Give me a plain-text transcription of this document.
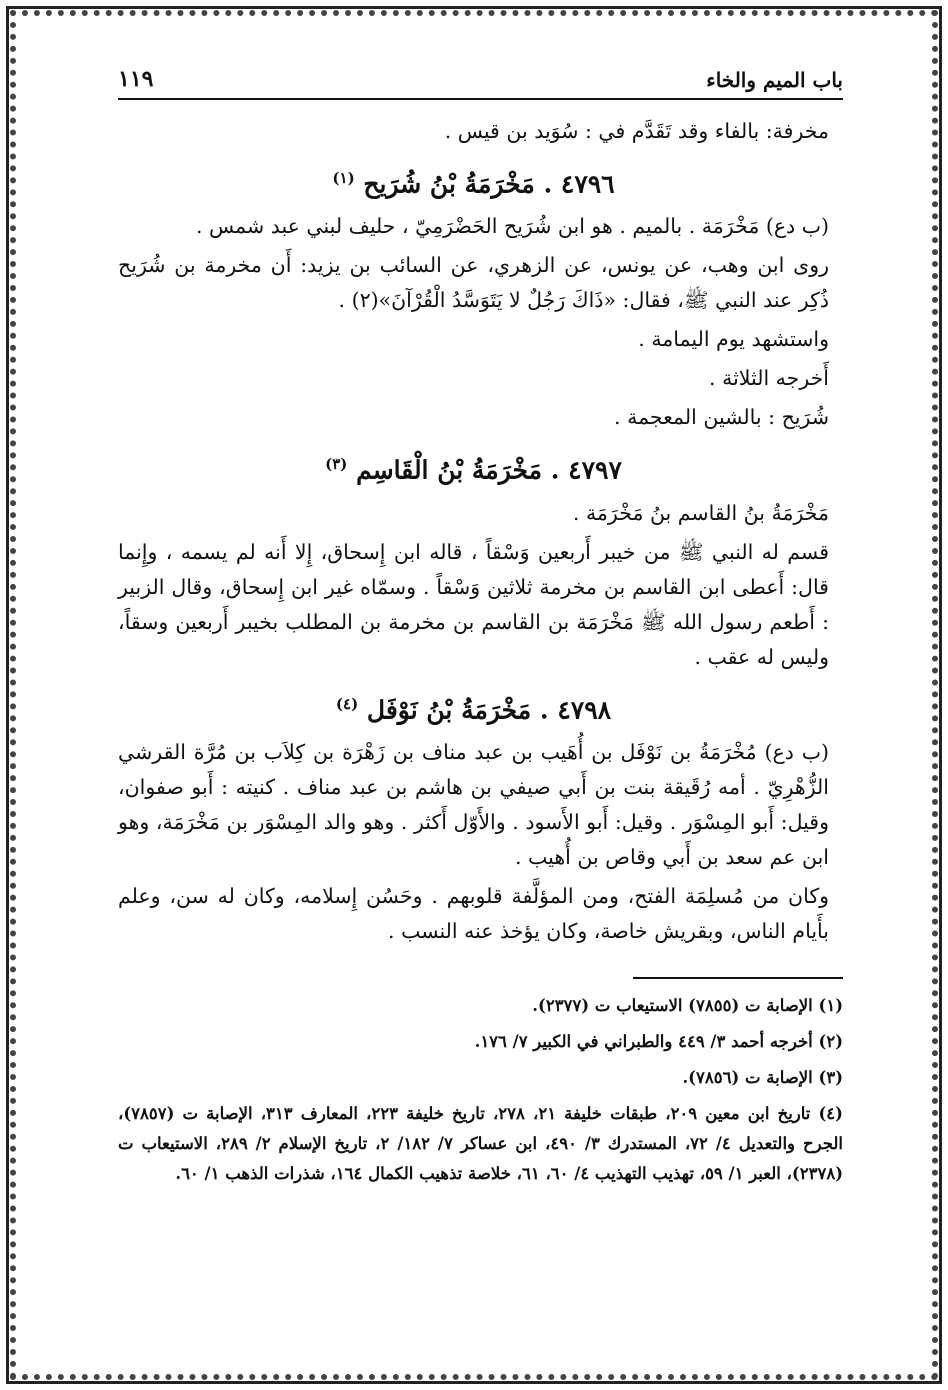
باب الميم والخاء
١١٩

مخرفة: بالفاء وقد تَقَدَّم في : سُوَيد بن قيس .

٤٧٩٦ . مَخْرَمَةُ بْنُ شُرَيح $^{(١)}$

(ب دع) مَخْرَمَة . بالميم . هو ابن شُرَيح الحَضْرَمِيّ ، حليف لبني عبد شمس .

روى ابن وهب، عن يونس، عن الزهري، عن السائب بن يزيد: أَن مخرمة بن شُرَيح ذُكِر عند النبي ﷺ، فقال: «ذَاكَ رَجُلٌ لا يَتَوَسَّدُ الْقُرْآنَ»(٢) .

واستشهد يوم اليمامة .

أَخرجه الثلاثة .

شُرَيح : بالشين المعجمة .

٤٧٩٧ . مَخْرَمَةُ بْنُ الْقَاسِم $^{(٣)}$

مَخْرَمَةُ بنُ القاسم بنُ مَخْرَمَة .

قسم له النبي ﷺ من خيبر أَربعين وَسْقاً ، قاله ابن إِسحاق، إِلا أَنه لم يسمه ، وإِنما قال: أَعطى ابن القاسم بن مخرمة ثلاثين وَسْقاً . وسمّاه غير ابن إِسحاق، وقال الزبير : أَطعم رسول الله ﷺ مَخْرَمَة بن القاسم بن مخرمة بن المطلب بخيبر أَربعين وسقاً، وليس له عقب .

٤٧٩٨ . مَخْرَمَةُ بْنُ نَوْفَل $^{(٤)}$

(ب دع) مُخْرَمَةُ بن نَوْفَل بن أُهَيب بن عبد مناف بن زَهْرَة بن كِلاَب بن مُرَّة القرشي الزُّهْرِيّ . أمه رُقَيقة بنت بن أَبي صيفي بن هاشم بن عبد مناف . كنيته : أَبو صفوان، وقيل: أَبو المِسْوَر . وقيل: أَبو الأَسود . والأَوّل أَكثر . وهو والد المِسْوَر بن مَخْرَمَة، وهو ابن عم سعد بن أَبي وقاص بن أُهيب .

وكان من مُسلِمَة الفتح، ومن المؤلَّفة قلوبهم . وحَسُن إِسلامه، وكان له سن، وعلم بأَيام الناس، وبقريش خاصة، وكان يؤخذ عنه النسب .

(١) الإصابة ت (٧٨٥٥) الاستيعاب ت (٢٣٧٧).

(٢) أخرجه أحمد ٣/ ٤٤٩ والطبراني في الكبير ٧/ ١٧٦.

(٣) الإصابة ت (٧٨٥٦).

(٤) تاريخ ابن معين ٢٠٩، طبقات خليفة ٢١، ٢٧٨، تاريخ خليفة ٢٢٣، المعارف ٣١٣، الإصابة ت (٧٨٥٧)، الجرح والتعديل ٤/ ٧٢، المستدرك ٣/ ٤٩٠، ابن عساكر ٧/ ١٨٢/ ٢، تاريخ الإسلام ٢/ ٢٨٩، الاستيعاب ت (٢٣٧٨)، العبر ١/ ٥٩، تهذيب التهذيب ٤/ ٦٠، ٦١، خلاصة تذهيب الكمال ١٦٤، شذرات الذهب ١/ ٦٠.
